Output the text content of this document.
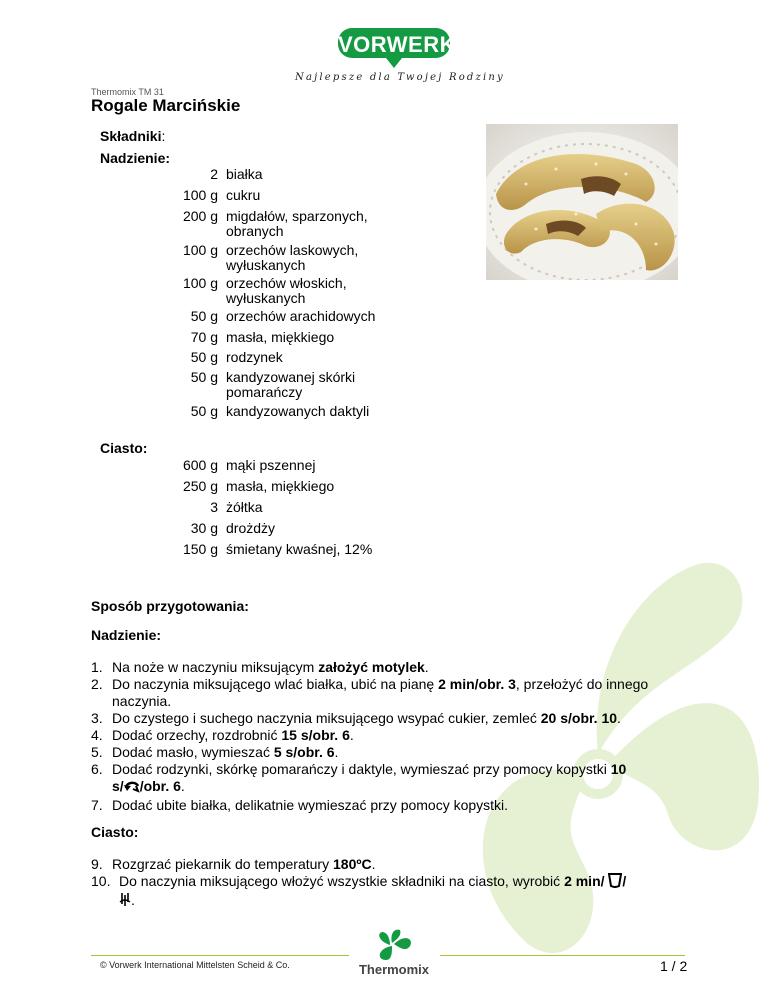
VORWERK
Najlepsze dla Twojej Rodziny
Thermomix TM 31
Rogale Marcińskie
Składniki:
Nadzienie:
2 białka
100 g cukru
200 g migdałów, sparzonych, obranych
100 g orzechów laskowych, wyłuskanych
100 g orzechów włoskich, wyłuskanych
50 g orzechów arachidowych
70 g masła, miękkiego
50 g rodzynek
50 g kandyzowanej skórki pomarańczy
50 g kandyzowanych daktyli
Ciasto:
600 g mąki pszennej
250 g masła, miękkiego
3 żółtka
30 g drożdży
150 g śmietany kwaśnej, 12%
Sposób przygotowania:
Nadzienie:
1. Na noże w naczyniu miksującym założyć motylek.
2. Do naczynia miksującego wlać białka, ubić na pianę 2 min/obr. 3, przełożyć do innego naczynia.
3. Do czystego i suchego naczynia miksującego wsypać cukier, zemleć 20 s/obr. 10.
4. Dodać orzechy, rozdrobnić 15 s/obr. 6.
5. Dodać masło, wymieszać 5 s/obr. 6.
6. Dodać rodzynki, skórkę pomarańczy i daktyle, wymieszać przy pomocy kopystki 10
s/ /obr. 6.
7. Dodać ubite białka, delikatnie wymieszać przy pomocy kopystki.
Ciasto:
9. Rozgrzać piekarnik do temperatury 180ºC.
10. Do naczynia miksującego włożyć wszystkie składniki na ciasto, wyrobić 2 min/ /
.
© Vorwerk International Mittelsten Scheid & Co.	Thermomix	1 / 2
